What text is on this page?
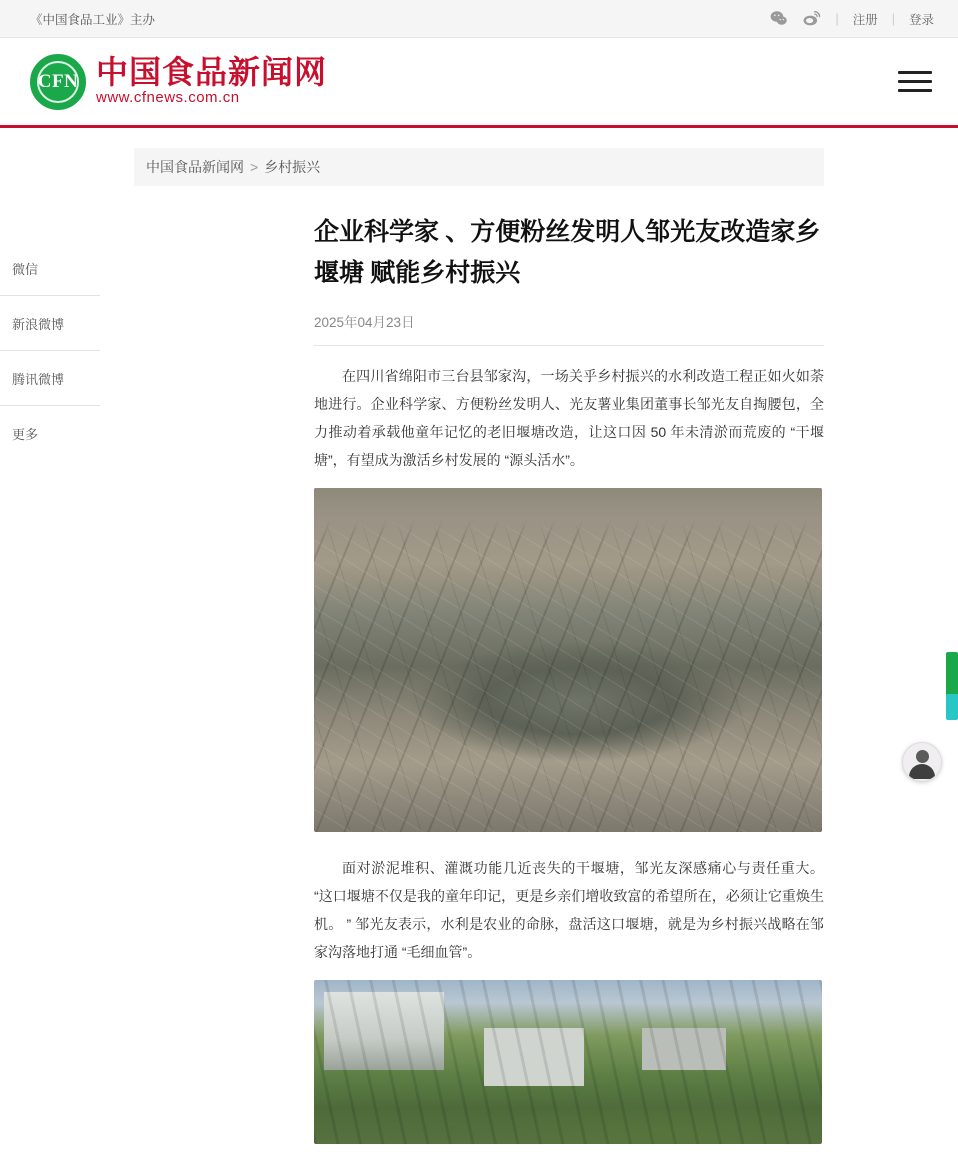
《中国食品工业》主办	| 注册 | 登录
CFN 中国食品新闻网
www.cfnews.com.cn
中国食品新闻网 > 乡村振兴
微信
新浪微博
腾讯微博
更多
企业科学家 、方便粉丝发明人邹光友改造家乡堰塘 赋能乡村振兴
2025年04月23日

在四川省绵阳市三台县邹家沟，一场关乎乡村振兴的水利改造工程正如火如荼地进行。企业科学家、方便粉丝发明人、光友薯业集团董事长邹光友自掏腰包，全力推动着承载他童年记忆的老旧堰塘改造，让这口因 50 年未清淤而荒废的 “干堰塘”，有望成为激活乡村发展的 “源头活水”。

面对淤泥堆积、灌溉功能几近丧失的干堰塘，邹光友深感痛心与责任重大。 “这口堰塘不仅是我的童年印记，更是乡亲们增收致富的希望所在，必须让它重焕生机。 ” 邹光友表示，水利是农业的命脉，盘活这口堰塘，就是为乡村振兴战略在邹家沟落地打通 “毛细血管”。
